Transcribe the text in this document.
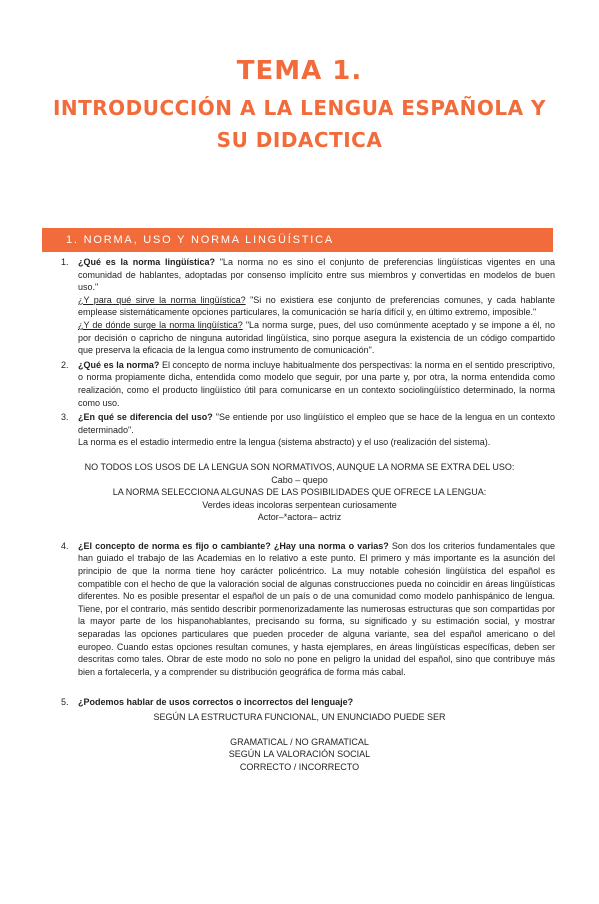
TEMA 1.
INTRODUCCIÓN A LA LENGUA ESPAÑOLA Y
SU DIDACTICA
1. NORMA, USO Y NORMA LINGÜÍSTICA
1. ¿Qué es la norma lingüística? "La norma no es sino el conjunto de preferencias lingüísticas vigentes en una comunidad de hablantes, adoptadas por consenso implícito entre sus miembros y convertidas en modelos de buen uso."
¿Y para qué sirve la norma lingüística? "Si no existiera ese conjunto de preferencias comunes, y cada hablante emplease sistemáticamente opciones particulares, la comunicación se haría difícil y, en último extremo, imposible."
¿Y de dónde surge la norma lingüística? "La norma surge, pues, del uso comúnmente aceptado y se impone a él, no por decisión o capricho de ninguna autoridad lingüística, sino porque asegura la existencia de un código compartido que preserva la eficacia de la lengua como instrumento de comunicación".
2. ¿Qué es la norma? El concepto de norma incluye habitualmente dos perspectivas: la norma en el sentido prescriptivo, o norma propiamente dicha, entendida como modelo que seguir, por una parte y, por otra, la norma entendida como realización, como el producto lingüístico útil para comunicarse en un contexto sociolingüístico determinado, la norma como uso.
3. ¿En qué se diferencia del uso? "Se entiende por uso lingüístico el empleo que se hace de la lengua en un contexto determinado".
La norma es el estadio intermedio entre la lengua (sistema abstracto) y el uso (realización del sistema).
NO TODOS LOS USOS DE LA LENGUA SON NORMATIVOS, AUNQUE LA NORMA SE EXTRA DEL USO:
Cabo – quepo
LA NORMA SELECCIONA ALGUNAS DE LAS POSIBILIDADES QUE OFRECE LA LENGUA:
Verdes ideas incoloras serpentean curiosamente
Actor–*actora– actriz
4. ¿El concepto de norma es fijo o cambiante? ¿Hay una norma o varias? Son dos los criterios fundamentales que han guiado el trabajo de las Academias en lo relativo a este punto. El primero y más importante es la asunción del principio de que la norma tiene hoy carácter policéntrico. La muy notable cohesión lingüística del español es compatible con el hecho de que la valoración social de algunas construcciones pueda no coincidir en áreas lingüísticas diferentes. No es posible presentar el español de un país o de una comunidad como modelo panhispánico de lengua. Tiene, por el contrario, más sentido describir pormenorizadamente las numerosas estructuras que son compartidas por la mayor parte de los hispanohablantes, precisando su forma, su significado y su estimación social, y mostrar separadas las opciones particulares que pueden proceder de alguna variante, sea del español americano o del europeo. Cuando estas opciones resultan comunes, y hasta ejemplares, en áreas lingüísticas específicas, deben ser descritas como tales. Obrar de este modo no solo no pone en peligro la unidad del español, sino que contribuye más bien a fortalecerla, y a comprender su distribución geográfica de forma más cabal.
5. ¿Podemos hablar de usos correctos o incorrectos del lenguaje?
SEGÚN LA ESTRUCTURA FUNCIONAL, UN ENUNCIADO PUEDE SER
GRAMATICAL / NO GRAMATICAL
SEGÚN LA VALORACIÓN SOCIAL
CORRECTO / INCORRECTO
